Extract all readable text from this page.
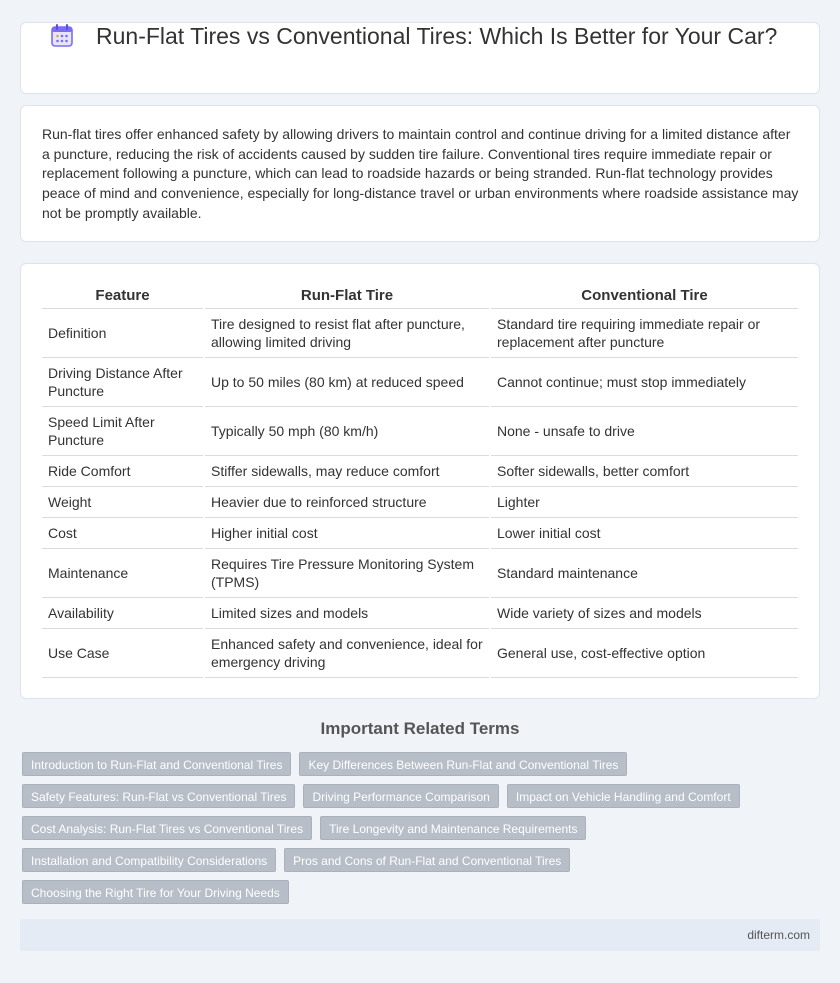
Run-Flat Tires vs Conventional Tires: Which Is Better for Your Car?

Run-flat tires offer enhanced safety by allowing drivers to maintain control and continue driving for a limited distance after a puncture, reducing the risk of accidents caused by sudden tire failure. Conventional tires require immediate repair or replacement following a puncture, which can lead to roadside hazards or being stranded. Run-flat technology provides peace of mind and convenience, especially for long-distance travel or urban environments where roadside assistance may not be promptly available.

Feature	Run-Flat Tire	Conventional Tire
Definition	Tire designed to resist flat after puncture, allowing limited driving	Standard tire requiring immediate repair or replacement after puncture
Driving Distance After Puncture	Up to 50 miles (80 km) at reduced speed	Cannot continue; must stop immediately
Speed Limit After Puncture	Typically 50 mph (80 km/h)	None - unsafe to drive
Ride Comfort	Stiffer sidewalls, may reduce comfort	Softer sidewalls, better comfort
Weight	Heavier due to reinforced structure	Lighter
Cost	Higher initial cost	Lower initial cost
Maintenance	Requires Tire Pressure Monitoring System (TPMS)	Standard maintenance
Availability	Limited sizes and models	Wide variety of sizes and models
Use Case	Enhanced safety and convenience, ideal for emergency driving	General use, cost-effective option
Important Related Terms
Introduction to Run-Flat and Conventional Tires	Key Differences Between Run-Flat and Conventional Tires
Safety Features: Run-Flat vs Conventional Tires	Driving Performance Comparison	Impact on Vehicle Handling and Comfort
Cost Analysis: Run-Flat Tires vs Conventional Tires	Tire Longevity and Maintenance Requirements
Installation and Compatibility Considerations	Pros and Cons of Run-Flat and Conventional Tires
Choosing the Right Tire for Your Driving Needs
difterm.com
